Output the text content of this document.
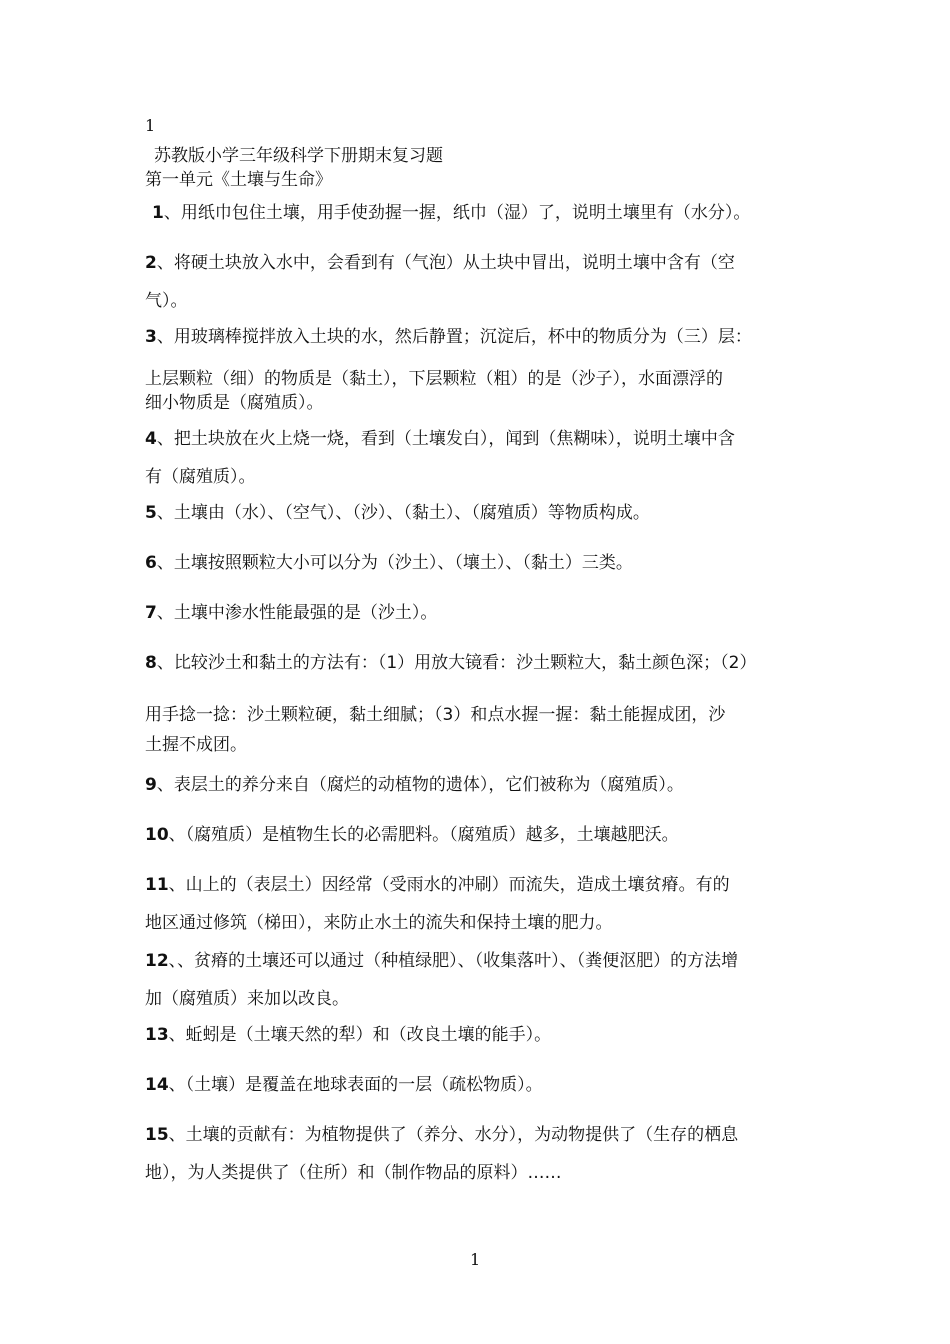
1
苏教版小学三年级科学下册期末复习题
第一单元《土壤与生命》
1、用纸巾包住土壤，用手使劲握一握，纸巾（湿）了，说明土壤里有（水分）。
2、将硬土块放入水中，会看到有（气泡）从土块中冒出，说明土壤中含有（空
气）。
3、用玻璃棒搅拌放入土块的水，然后静置；沉淀后，杯中的物质分为（三）层：
上层颗粒（细）的物质是（黏土），下层颗粒（粗）的是（沙子），水面漂浮的
细小物质是（腐殖质）。
4、把土块放在火上烧一烧，看到（土壤发白），闻到（焦糊味），说明土壤中含
有（腐殖质）。
5、土壤由（水）、（空气）、（沙）、（黏土）、（腐殖质）等物质构成。
6、土壤按照颗粒大小可以分为（沙土）、（壤土）、（黏土）三类。
7、土壤中渗水性能最强的是（沙土）。
8、比较沙土和黏土的方法有：（1）用放大镜看：沙土颗粒大，黏土颜色深；（2）
用手捻一捻：沙土颗粒硬，黏土细腻；（3）和点水握一握：黏土能握成团，沙
土握不成团。
9、表层土的养分来自（腐烂的动植物的遗体），它们被称为（腐殖质）。
10、（腐殖质）是植物生长的必需肥料。（腐殖质）越多，土壤越肥沃。
11、山上的（表层土）因经常（受雨水的冲刷）而流失，造成土壤贫瘠。有的
地区通过修筑（梯田），来防止水土的流失和保持土壤的肥力。
12、、贫瘠的土壤还可以通过（种植绿肥）、（收集落叶）、（粪便沤肥）的方法增
加（腐殖质）来加以改良。
13、蚯蚓是（土壤天然的犁）和（改良土壤的能手）。
14、（土壤）是覆盖在地球表面的一层（疏松物质）。
15、土壤的贡献有：为植物提供了（养分、水分），为动物提供了（生存的栖息
地），为人类提供了（住所）和（制作物品的原料）……
1
